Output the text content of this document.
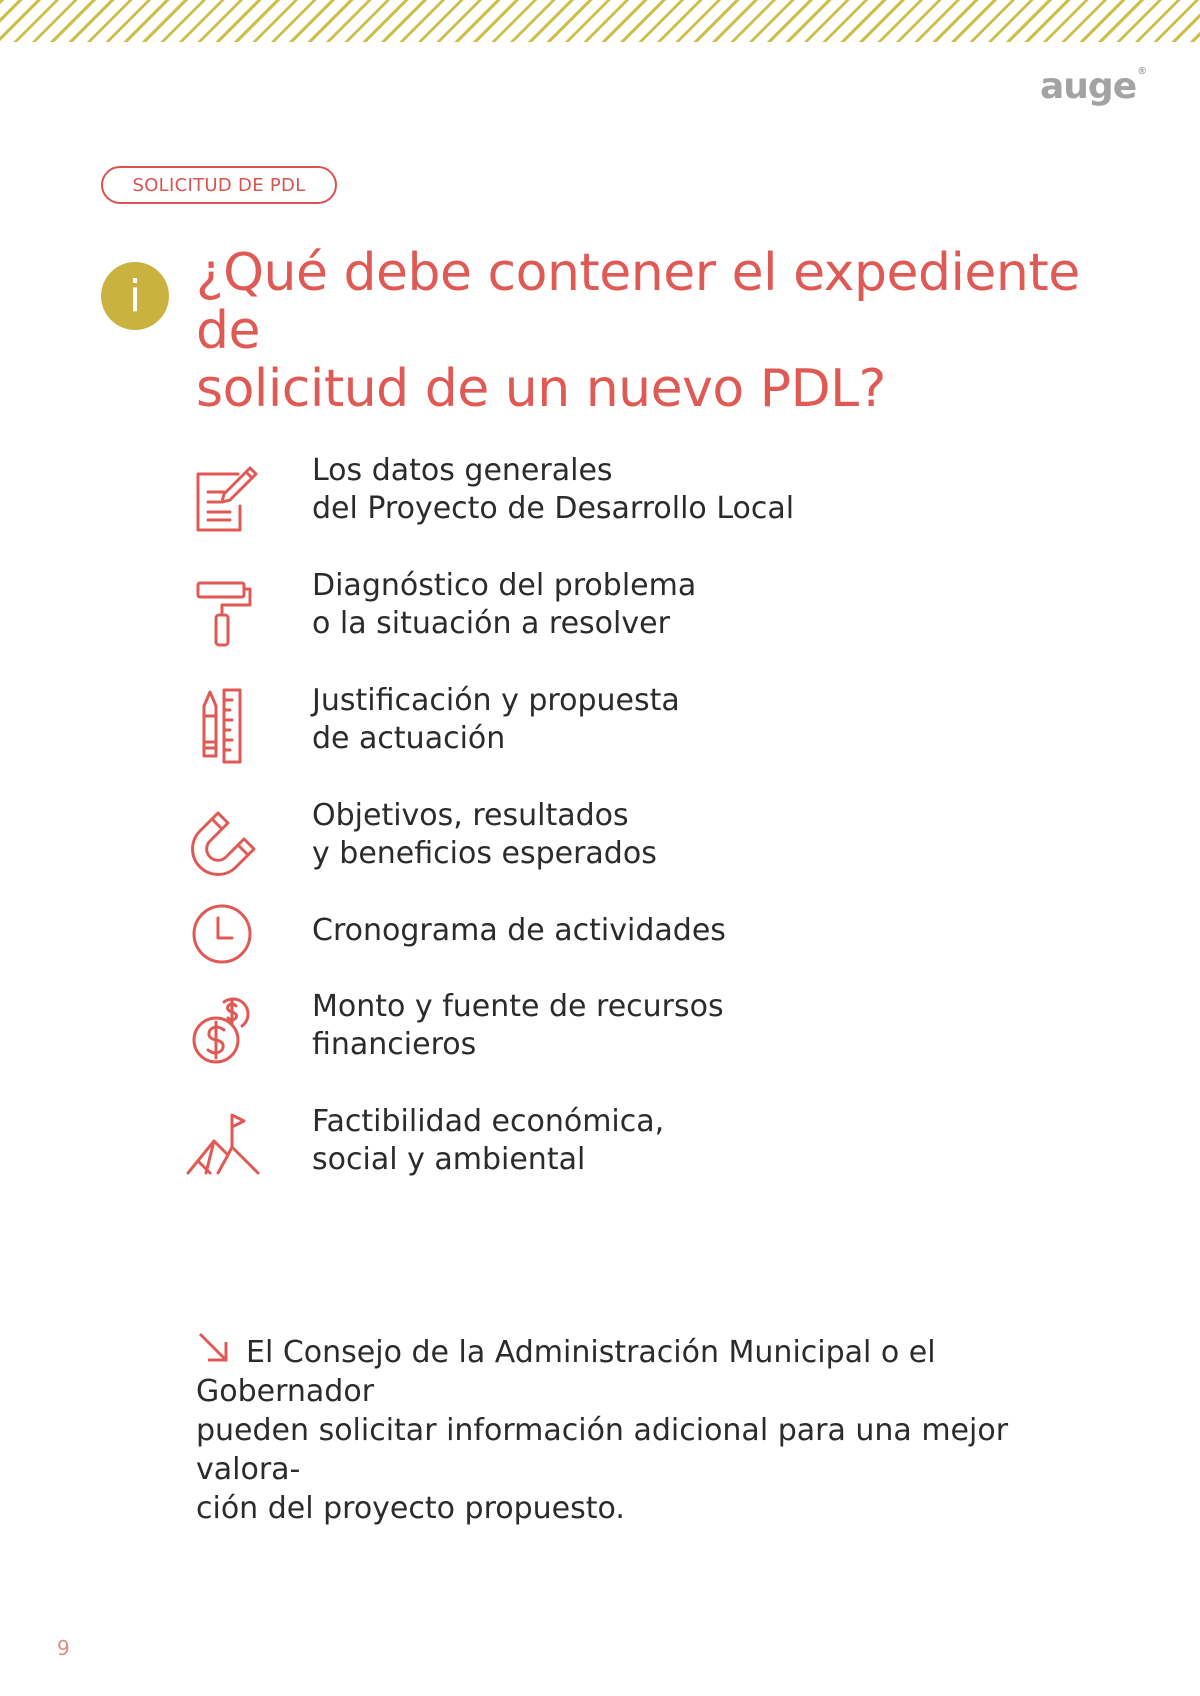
auge®
SOLICITUD DE PDL
i	¿Qué debe contener el expediente de
solicitud de un nuevo PDL?
Los datos generales
del Proyecto de Desarrollo Local
Diagnóstico del problema
o la situación a resolver
Justificación y propuesta
de actuación
Objetivos, resultados
y beneficios esperados
Cronograma de actividades
Monto y fuente de recursos
financieros
Factibilidad económica,
social y ambiental
El Consejo de la Administración Municipal o el Gobernador
pueden solicitar información adicional para una mejor valora-
ción del proyecto propuesto.
9
